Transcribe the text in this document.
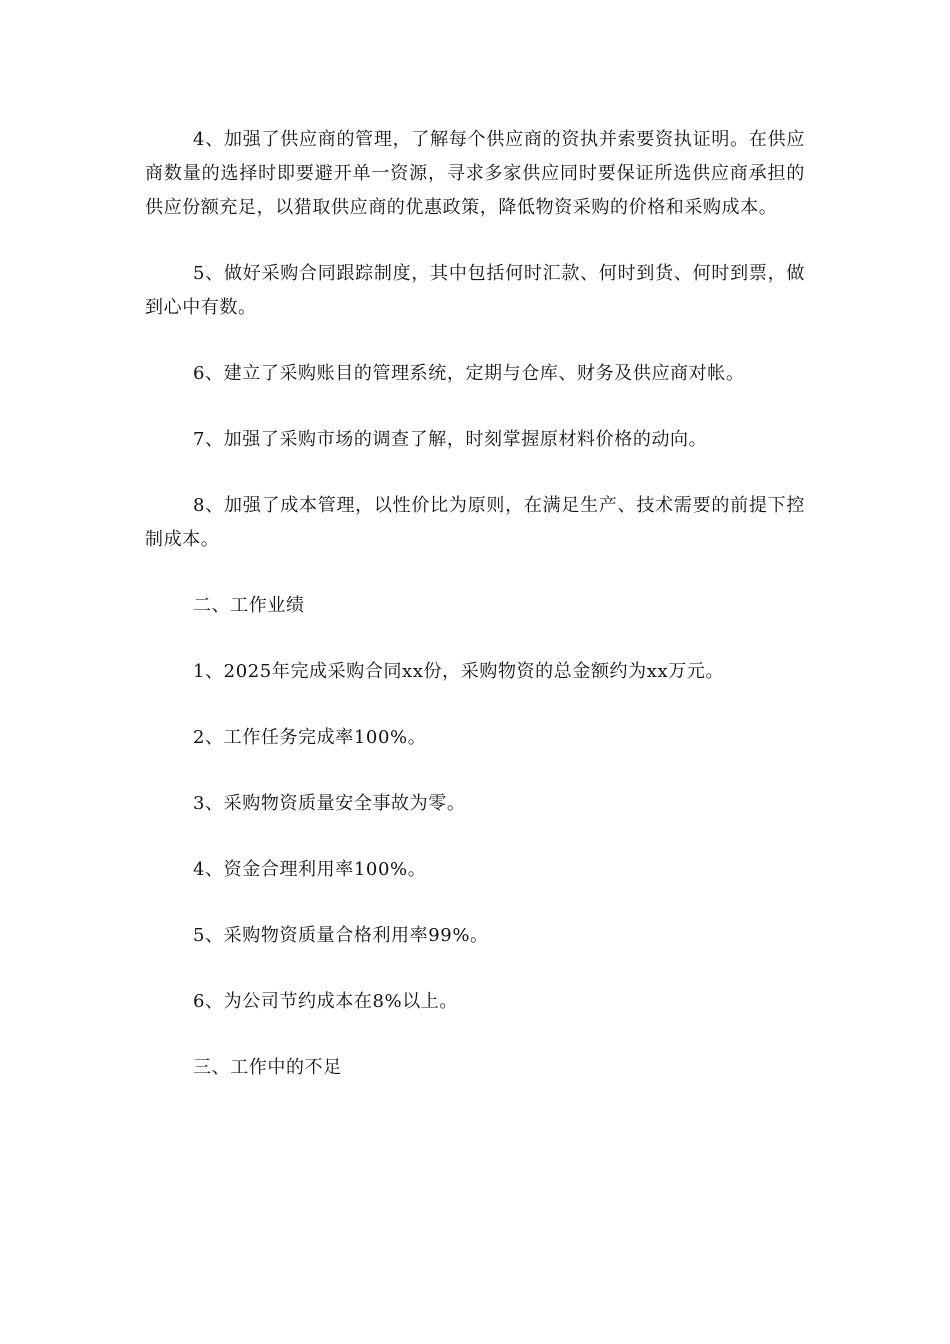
4、加强了供应商的管理，了解每个供应商的资执并索要资执证明。在供应商数量的选择时即要避开单一资源，寻求多家供应同时要保证所选供应商承担的供应份额充足，以猎取供应商的优惠政策，降低物资采购的价格和采购成本。

5、做好采购合同跟踪制度，其中包括何时汇款、何时到货、何时到票，做到心中有数。

6、建立了采购账目的管理系统，定期与仓库、财务及供应商对帐。

7、加强了采购市场的调查了解，时刻掌握原材料价格的动向。

8、加强了成本管理，以性价比为原则，在满足生产、技术需要的前提下控制成本。

二、工作业绩

1、2025年完成采购合同xx份，采购物资的总金额约为xx万元。

2、工作任务完成率100%。

3、采购物资质量安全事故为零。

4、资金合理利用率100%。

5、采购物资质量合格利用率99%。

6、为公司节约成本在8%以上。

三、工作中的不足
